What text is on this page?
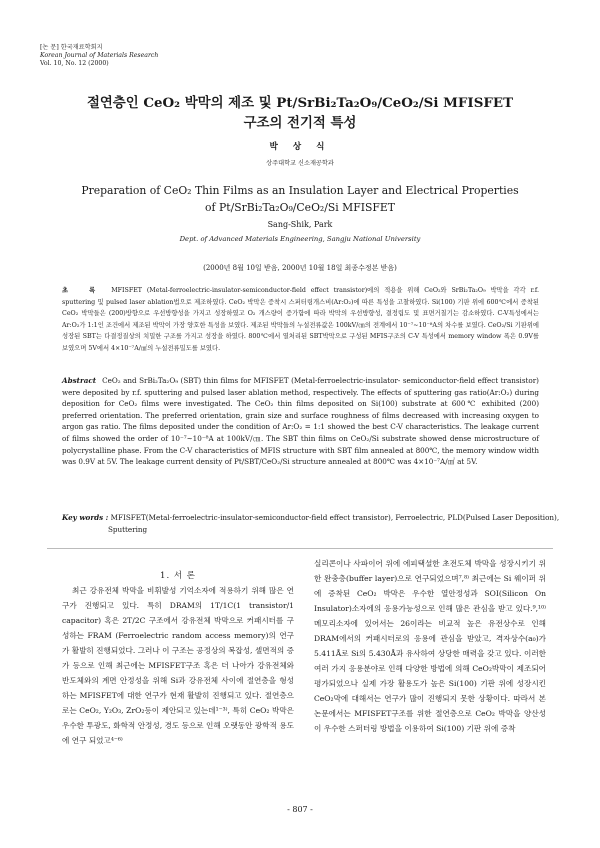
[논 문] 한국재료학회지
Korean Journal of Materials Research
Vol. 10, No. 12 (2000)
절연층인 CeO₂ 박막의 제조 및 Pt/SrBi₂Ta₂O₉/CeO₂/Si MFISFET
구조의 전기적 특성
박 상 식
상주대학교 신소재공학과
Preparation of CeO₂ Thin Films as an Insulation Layer and Electrical Properties
of Pt/SrBi₂Ta₂O₉/CeO₂/Si MFISFET
Sang-Shik, Park
Dept. of Advanced Materials Engineering, Sangju National University
(2000년 8월 10일 받음, 2000년 10월 18일 최종수정본 받음)
초 록 MFISFET (Metal-ferroelectric-insulator-semiconductor-field effect transistor)에의 적용을 위해 CeO₂와 SrBi₂Ta₂O₉ 박막을 각각 r.f. sputtering 및 pulsed laser ablation법으로 제조하였다. CeO₂ 박막은 증착시 스퍼터링개스비(Ar:O₂)에 따른 특성을 고찰하였다. Si(100) 기판 위에 600℃에서 증착된 CeO₂ 박막들은 (200)방향으로 우선방향성을 가지고 성장하였고 O₂ 개스량이 증가함에 따라 박막의 우선방향성, 결정립도 및 표면거칠기는 감소하였다. C-V특성에서는 Ar:O₂가 1:1인 조건에서 제조된 박막이 가장 양호한 특성을 보였다. 제조된 박막들의 누설전류값은 100kV/㎝의 전계에서 10⁻⁷~10⁻⁸A의 차수를 보였다. CeO₂/Si 기판위에 성장된 SBT는 다결정질상의 치밀한 구조를 가지고 성장을 하였다. 800℃에서 열처리된 SBT박막으로 구성된 MFIS구조의 C-V 특성에서 memory window 폭은 0.9V를 보였으며 5V에서 4×10⁻⁷A/㎠의 누설전류밀도를 보였다.
Abstract CeO₂ and SrBi₂Ta₂O₉ (SBT) thin films for MFISFET (Metal-ferroelectric-insulator- semiconductor-field effect transistor) were deposited by r.f. sputtering and pulsed laser ablation method, respectively. The effects of sputtering gas ratio(Ar:O₂) during deposition for CeO₂ films were investigated. The CeO₂ thin films deposited on Si(100) substrate at 600℃ exhibited (200) preferred orientation. The preferred orientation, grain size and surface roughness of films decreased with increasing oxygen to argon gas ratio. The films deposited under the condition of Ar:O₂ = 1:1 showed the best C-V characteristics. The leakage current of films showed the order of 10⁻⁷~10⁻⁸A at 100kV/㎝. The SBT thin films on CeO₂/Si substrate showed dense microstructure of polycrystalline phase. From the C-V characteristics of MFIS structure with SBT film annealed at 800℃, the memory window width was 0.9V at 5V. The leakage current density of Pt/SBT/CeO₂/Si structure annealed at 800℃ was 4×10⁻⁷A/㎠ at 5V.
Key words : MFISFET(Metal-ferroelectric-insulator-semiconductor-field effect transistor), Ferroelectric, PLD(Pulsed Laser Deposition), Sputtering
1. 서 론
최근 강유전체 박막을 비휘발성 기억소자에 적용하기 위해 많은 연구가 진행되고 있다. 특히 DRAM의 1T/1C(1 transistor/1 capacitor) 혹은 2T/2C 구조에서 강유전체 박막으로 커패시터를 구성하는 FRAM (Ferroelectric random access memory)의 연구가 활발히 진행되었다. 그러나 이 구조는 공정상의 복잡성, 셀면적의 증가 등으로 인해 최근에는 MFISFET구조 혹은 더 나아가 강유전체와 반도체와의 계면 안정성을 위해 Si과 강유전체 사이에 절연층을 형성하는 MFISFET에 대한 연구가 현재 활발히 진행되고 있다. 절연층으로는 CeO₂, Y₂O₃, ZrO₂등이 제안되고 있는데¹⁻³⁾, 특히 CeO₂ 박막은 우수한 투광도, 화학적 안정성, 경도 등으로 인해 오랫동안 광학적 용도에 연구 되었고⁴⁻⁶⁾
실리콘이나 사파이어 위에 에피택셜한 초전도체 박막을 성장시키기 위한 완충층(buffer layer)으로 연구되었으며⁷,⁸⁾ 최근에는 Si 웨이퍼 위에 증착된 CeO₂ 박막은 우수한 열안정성과 SOI(Silicon On Insulator)소자에의 응용가능성으로 인해 많은 관심을 받고 있다.⁹,¹⁰⁾ 메모리소자에 있어서는 26이라는 비교적 높은 유전상수로 인해 DRAM에서의 커패시터로의 응용에 관심을 받았고, 격자상수(a₀)가 5.411Å로 Si의 5.430Å과 유사하여 상당한 매력을 갖고 있다. 이러한 여러 가지 응용분야로 인해 다양한 방법에 의해 CeO₂박막이 제조되어 평가되었으나 실제 가장 활용도가 높은 Si(100) 기판 위에 성장시킨 CeO₂막에 대해서는 연구가 많이 진행되지 못한 상황이다. 따라서 본 논문에서는 MFISFET구조를 위한 절연층으로 CeO₂ 박막을 양산성이 우수한 스퍼터링 방법을 이용하여 Si(100) 기판 위에 증착
- 807 -
